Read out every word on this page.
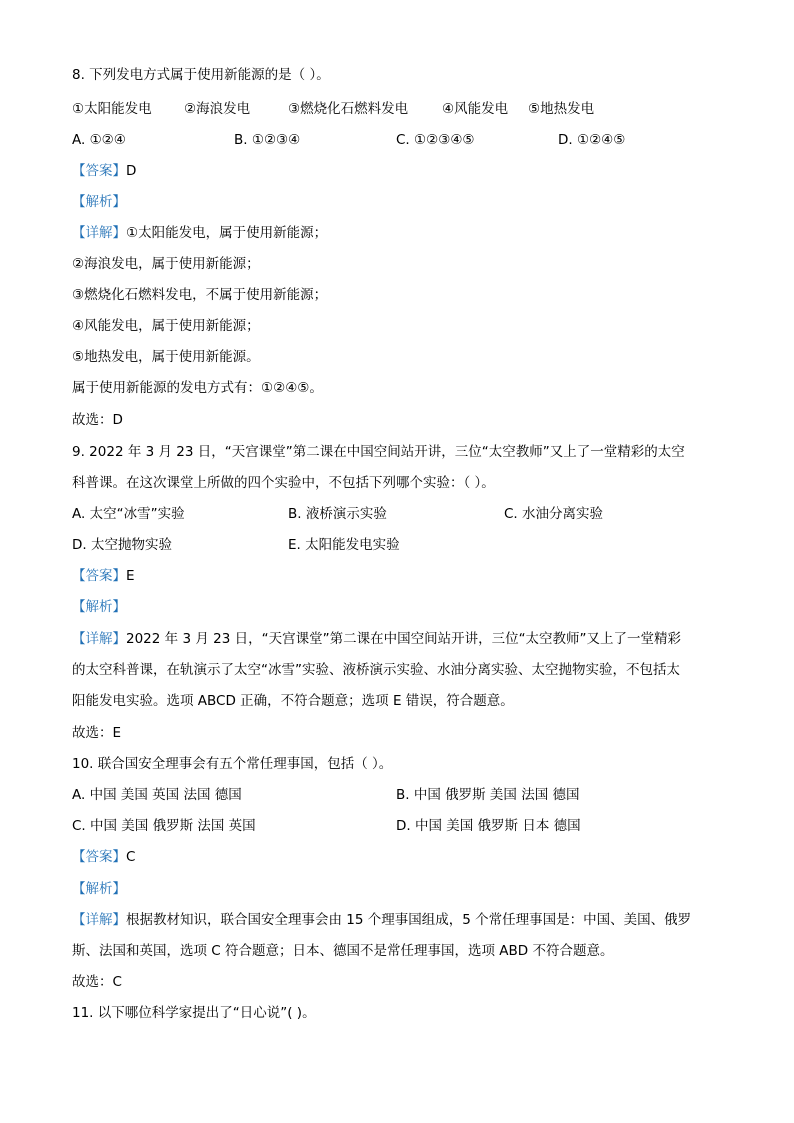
8. 下列发电方式属于使用新能源的是（ ）。
①太阳能发电 ②海浪发电	③燃烧化石燃料发电	④风能发电 ⑤地热发电
A. ①②④	B. ①②③④	C. ①②③④⑤	D. ①②④⑤
【答案】D
【解析】
【详解】①太阳能发电，属于使用新能源；
②海浪发电，属于使用新能源；
③燃烧化石燃料发电，不属于使用新能源；
④风能发电，属于使用新能源；
⑤地热发电，属于使用新能源。
属于使用新能源的发电方式有：①②④⑤。
故选：D
9. 2022 年 3 月 23 日，“天宫课堂”第二课在中国空间站开讲，三位“太空教师”又上了一堂精彩的太空
科普课。在这次课堂上所做的四个实验中，不包括下列哪个实验：（ ）。
A. 太空“冰雪”实验	B. 液桥演示实验	C. 水油分离实验
D. 太空抛物实验	E. 太阳能发电实验
【答案】E
【解析】
【详解】2022 年 3 月 23 日，“天宫课堂”第二课在中国空间站开讲，三位“太空教师”又上了一堂精彩
的太空科普课，在轨演示了太空“冰雪”实验、液桥演示实验、水油分离实验、太空抛物实验，不包括太
阳能发电实验。选项 ABCD 正确，不符合题意；选项 E 错误，符合题意。
故选：E
10. 联合国安全理事会有五个常任理事国，包括（ ）。
A. 中国 美国 英国 法国 德国	B. 中国 俄罗斯 美国 法国 德国
C. 中国 美国 俄罗斯 法国 英国	D. 中国 美国 俄罗斯 日本 德国
【答案】C
【解析】
【详解】根据教材知识，联合国安全理事会由 15 个理事国组成，5 个常任理事国是：中国、美国、俄罗
斯、法国和英国，选项 C 符合题意；日本、德国不是常任理事国，选项 ABD 不符合题意。
故选：C
11. 以下哪位科学家提出了“日心说”( )。
